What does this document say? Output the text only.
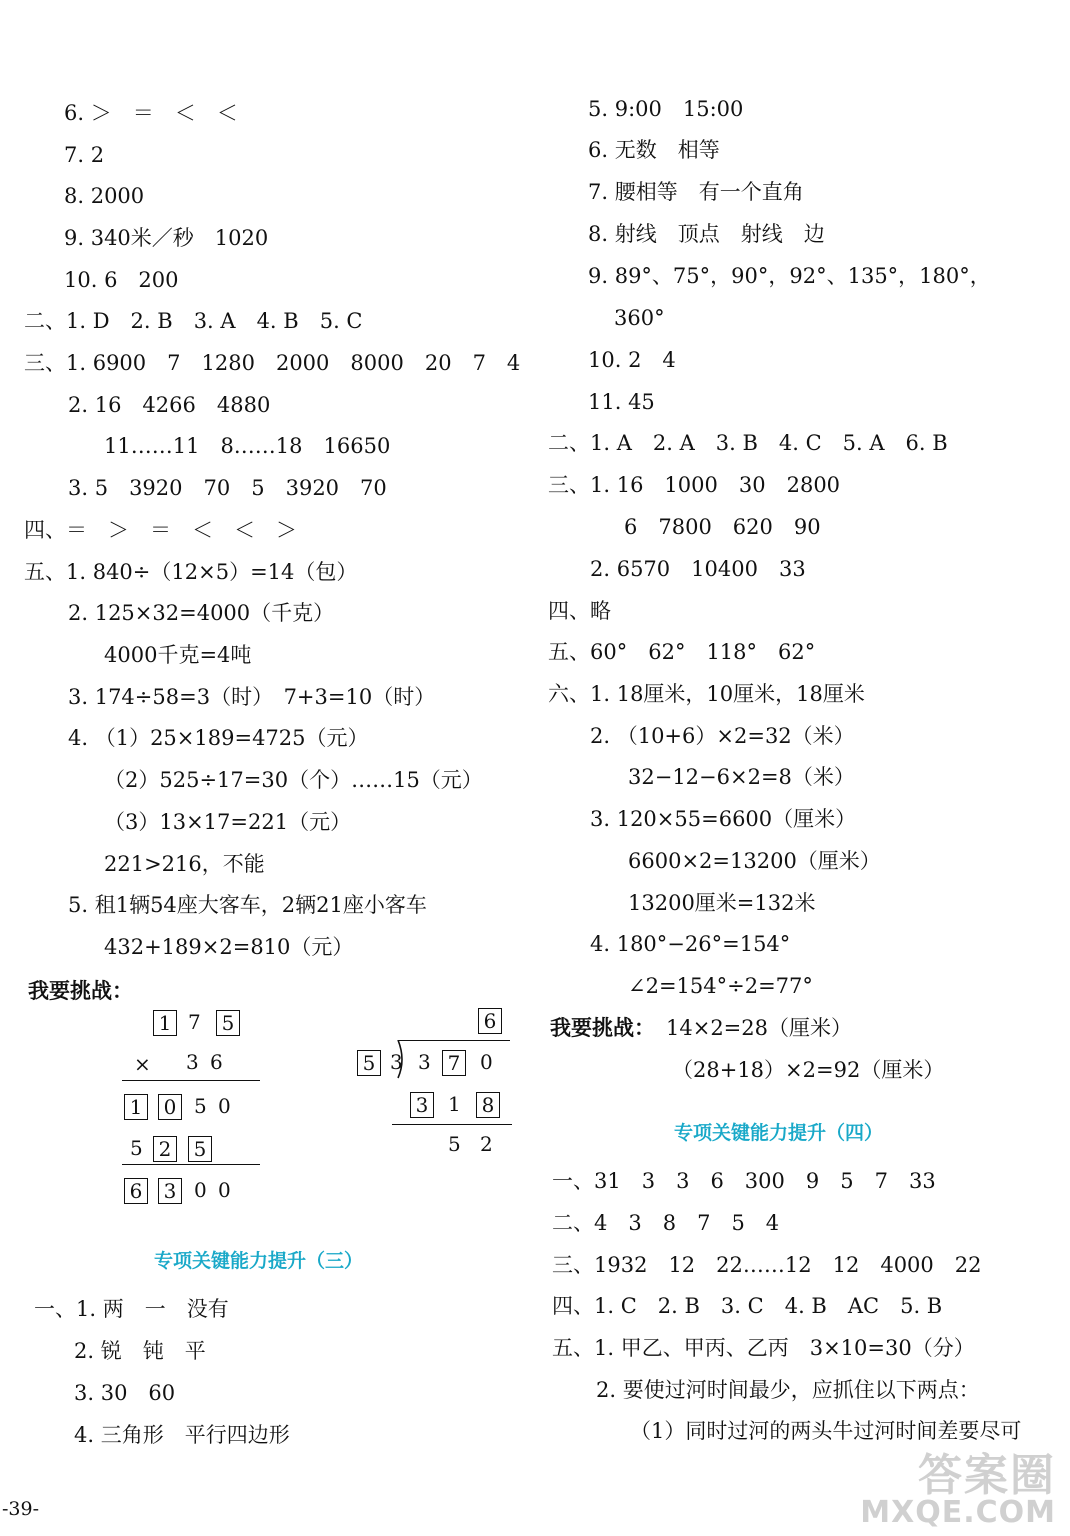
6. ＞　＝　＜　＜
7. 2
8. 2000
9. 340米／秒　1020
10. 6　200
二、1. D　2. B　3. A　4. B　5. C
三、1. 6900　7　1280　2000　8000　20　7　4
2. 16　4266　4880
11……11　8……18　16650
3. 5　3920　70　5　3920　70
四、＝　＞　＝　＜　＜　＞
五、1. 840÷（12×5）=14（包）
2. 125×32=4000（千克）
4000千克=4吨
3. 174÷58=3（时）　7+3=10（时）
4. （1）25×189=4725（元）
（2）525÷17=30（个）……15（元）
（3）13×17=221（元）
221>216，不能
5. 租1辆54座大客车，2辆21座小客车
432+189×2=810（元）
我要挑战：
1 7 5
× 3 6
1 0 5 0
5 2 5
6 3 0 0
6
5 3 3 7 0
3 1 8
5 2
专项关键能力提升（三）
一、1. 两　一　没有
2. 锐　钝　平
3. 30　60
4. 三角形　平行四边形
5. 9:00　15:00
6. 无数　相等
7. 腰相等　有一个直角
8. 射线　顶点　射线　边
9. 89°、75°，90°，92°、135°，180°，
360°
10. 2　4
11. 45
二、1. A　2. A　3. B　4. C　5. A　6. B
三、1. 16　1000　30　2800
6　7800　620　90
2. 6570　10400　33
四、略
五、60°　62°　118°　62°
六、1. 18厘米，10厘米，18厘米
2. （10+6）×2=32（米）
32−12−6×2=8（米）
3. 120×55=6600（厘米）
6600×2=13200（厘米）
13200厘米=132米
4. 180°−26°=154°
∠2=154°÷2=77°
我要挑战： 14×2=28（厘米）
（28+18）×2=92（厘米）
专项关键能力提升（四）
一、31　3　3　6　300　9　5　7　33
二、4　3　8　7　5　4
三、1932　12　22……12　12　4000　22
四、1. C　2. B　3. C　4. B　AC　5. B
五、1. 甲乙、甲丙、乙丙　3×10=30（分）
2. 要使过河时间最少，应抓住以下两点：
（1）同时过河的两头牛过河时间差要尽可
-39-
答案圈
MXQE.COM
